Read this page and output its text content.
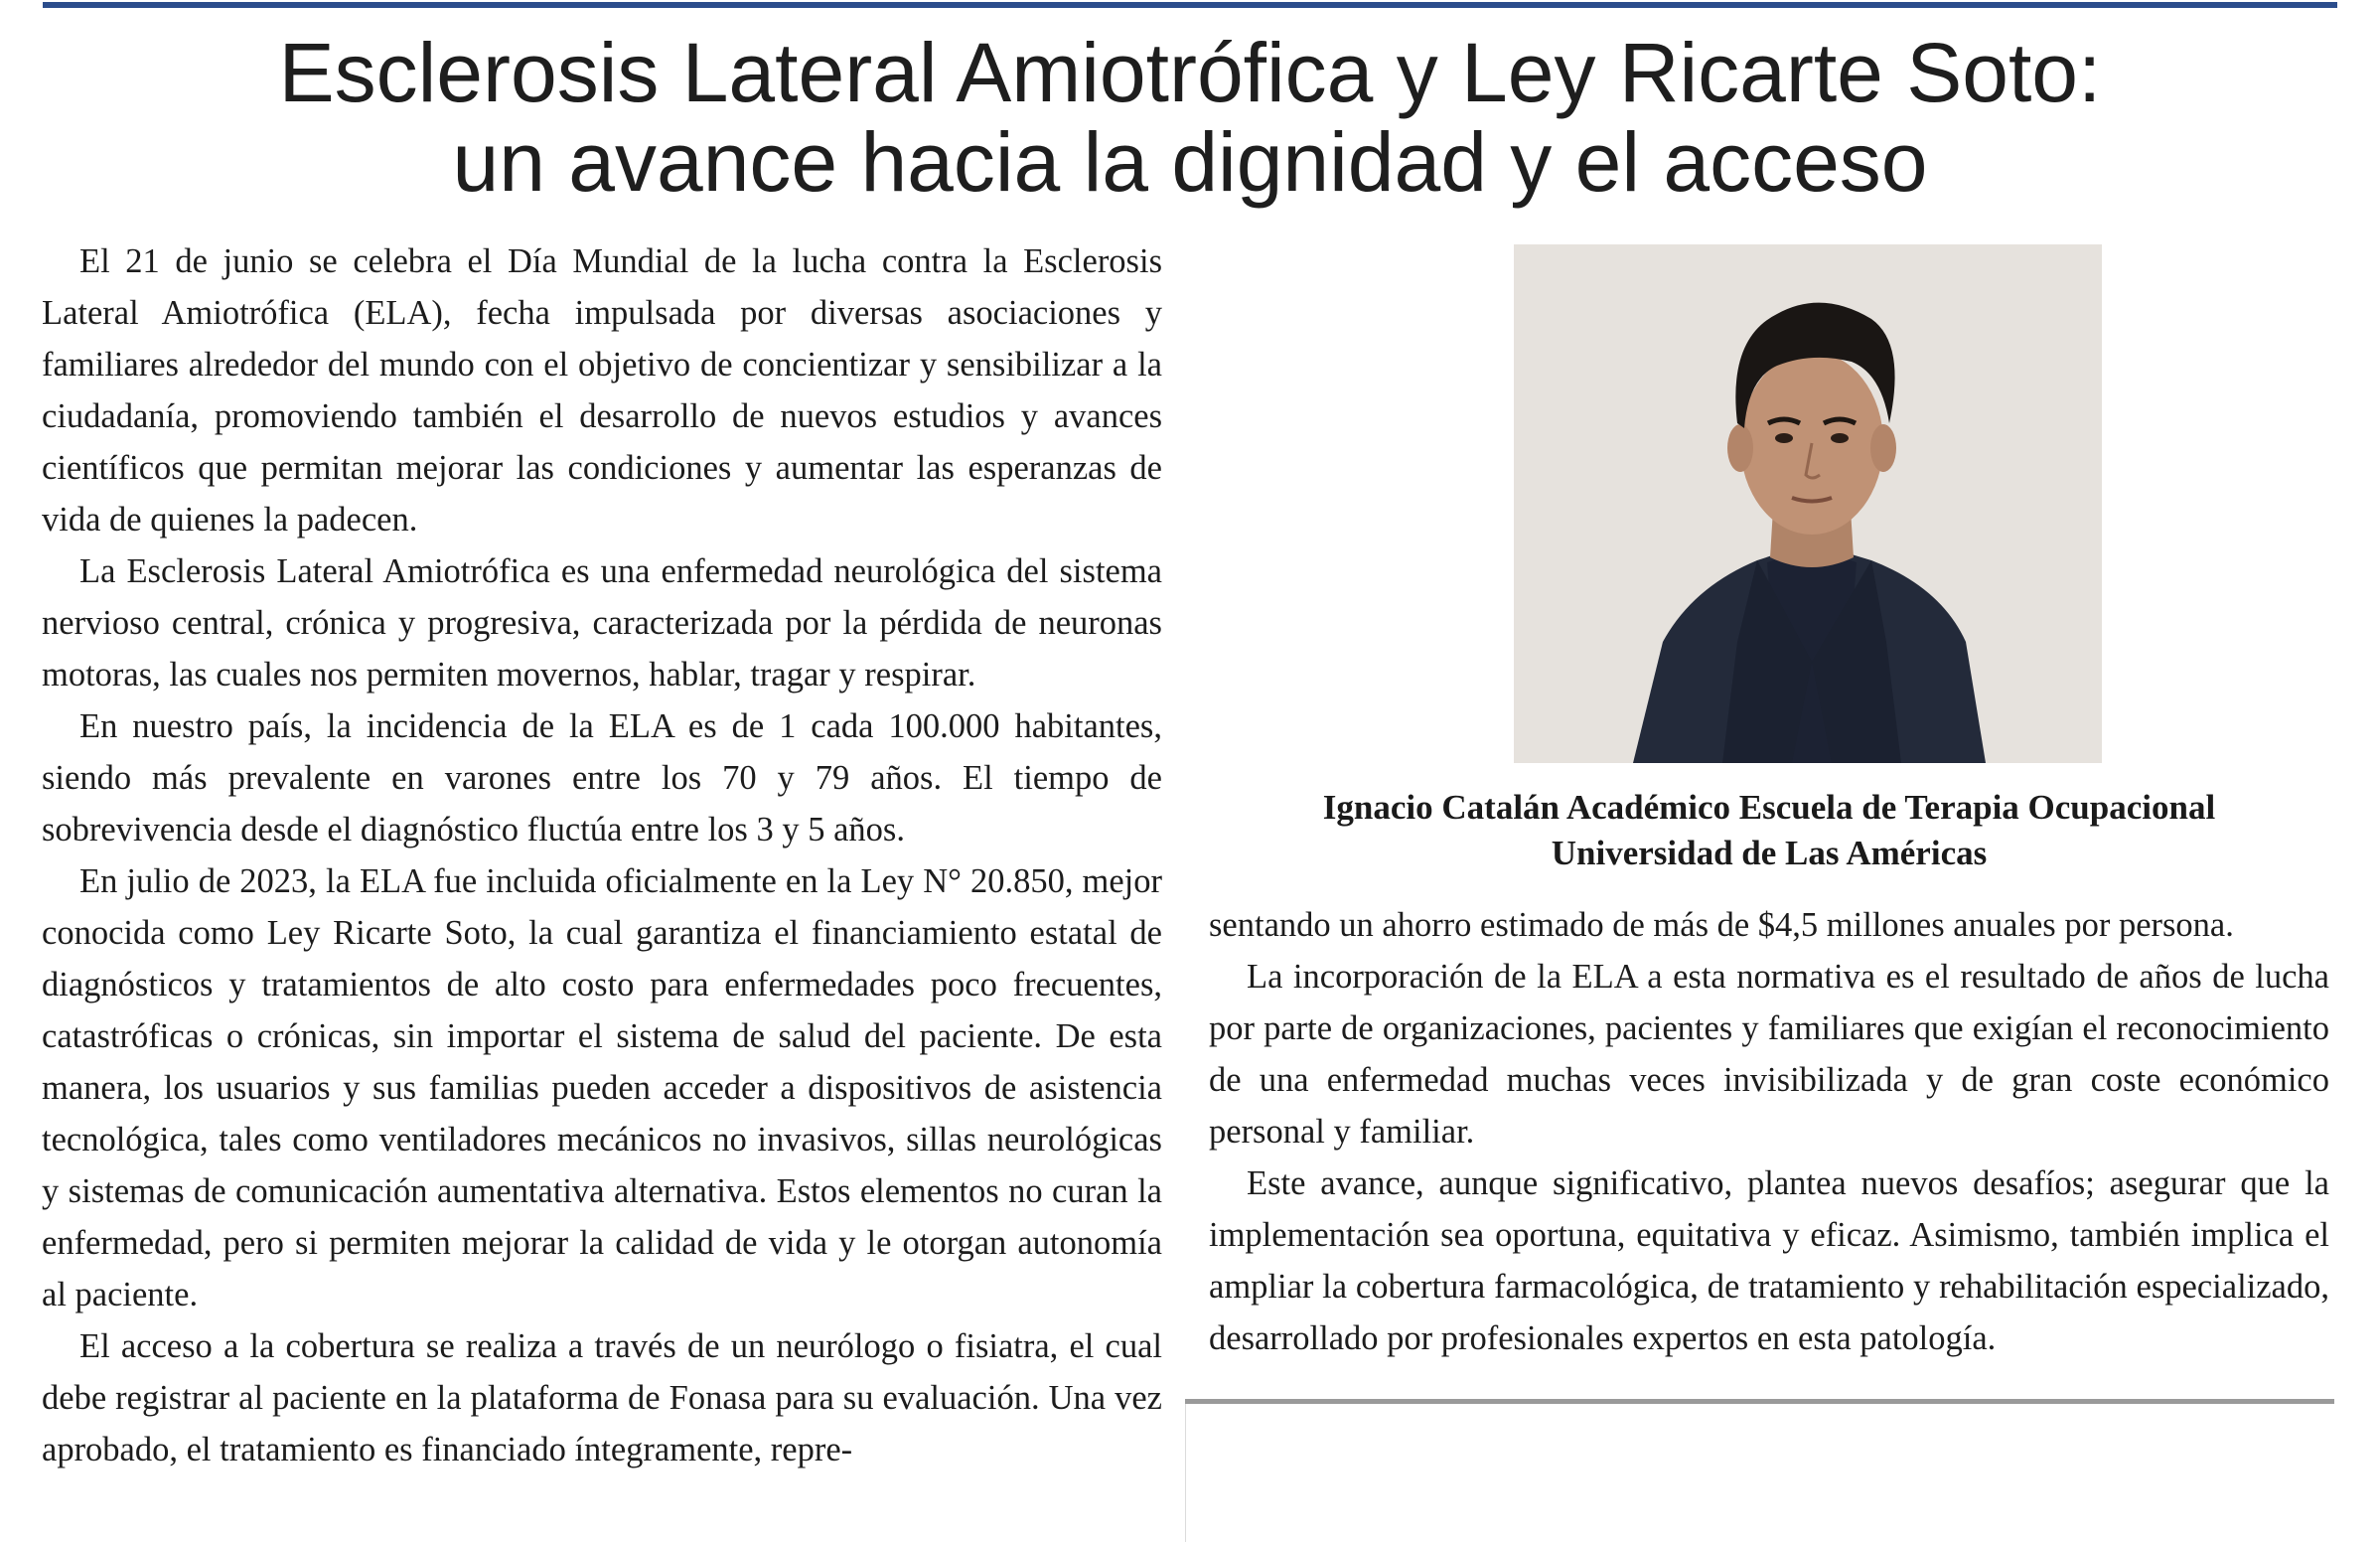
Esclerosis Lateral Amiotrófica y Ley Ricarte Soto:
un avance hacia la dignidad y el acceso

El 21 de junio se celebra el Día Mundial de la lucha contra la Esclerosis Lateral Amiotrófica (ELA), fecha impulsada por diversas asociaciones y familiares alrededor del mundo con el objetivo de concientizar y sensibilizar a la ciudadanía, promoviendo también el desarrollo de nuevos estudios y avances científicos que permitan mejorar las condiciones y aumentar las esperanzas de vida de quienes la padecen.

La Esclerosis Lateral Amiotrófica es una enfermedad neurológica del sistema nervioso central, crónica y progresiva, caracterizada por la pérdida de neuronas motoras, las cuales nos permiten movernos, hablar, tragar y respirar.

En nuestro país, la incidencia de la ELA es de 1 cada 100.000 habitantes, siendo más prevalente en varones entre los 70 y 79 años. El tiempo de sobrevivencia desde el diagnóstico fluctúa entre los 3 y 5 años.

En julio de 2023, la ELA fue incluida oficialmente en la Ley N° 20.850, mejor conocida como Ley Ricarte Soto, la cual garantiza el financiamiento estatal de diagnósticos y tratamientos de alto costo para enfermedades poco frecuentes, catastróficas o crónicas, sin importar el sistema de salud del paciente. De esta manera, los usuarios y sus familias pueden acceder a dispositivos de asistencia tecnológica, tales como ventiladores mecánicos no invasivos, sillas neurológicas y sistemas de comunicación aumentativa alternativa. Estos elementos no curan la enfermedad, pero si permiten mejorar la calidad de vida y le otorgan autonomía al paciente.

El acceso a la cobertura se realiza a través de un neurólogo o fisiatra, el cual debe registrar al paciente en la plataforma de Fonasa para su evaluación. Una vez aprobado, el tratamiento es financiado íntegramente, repre-

Ignacio Catalán Académico Escuela de Terapia Ocupacional
Universidad de Las Américas

sentando un ahorro estimado de más de $4,5 millones anuales por persona.

La incorporación de la ELA a esta normativa es el resultado de años de lucha por parte de organizaciones, pacientes y familiares que exigían el reconocimiento de una enfermedad muchas veces invisibilizada y de gran coste económico personal y familiar.

Este avance, aunque significativo, plantea nuevos desafíos; asegurar que la implementación sea oportuna, equitativa y eficaz. Asimismo, también implica el ampliar la cobertura farmacológica, de tratamiento y rehabilitación especializado, desarrollado por profesionales expertos en esta patología.
